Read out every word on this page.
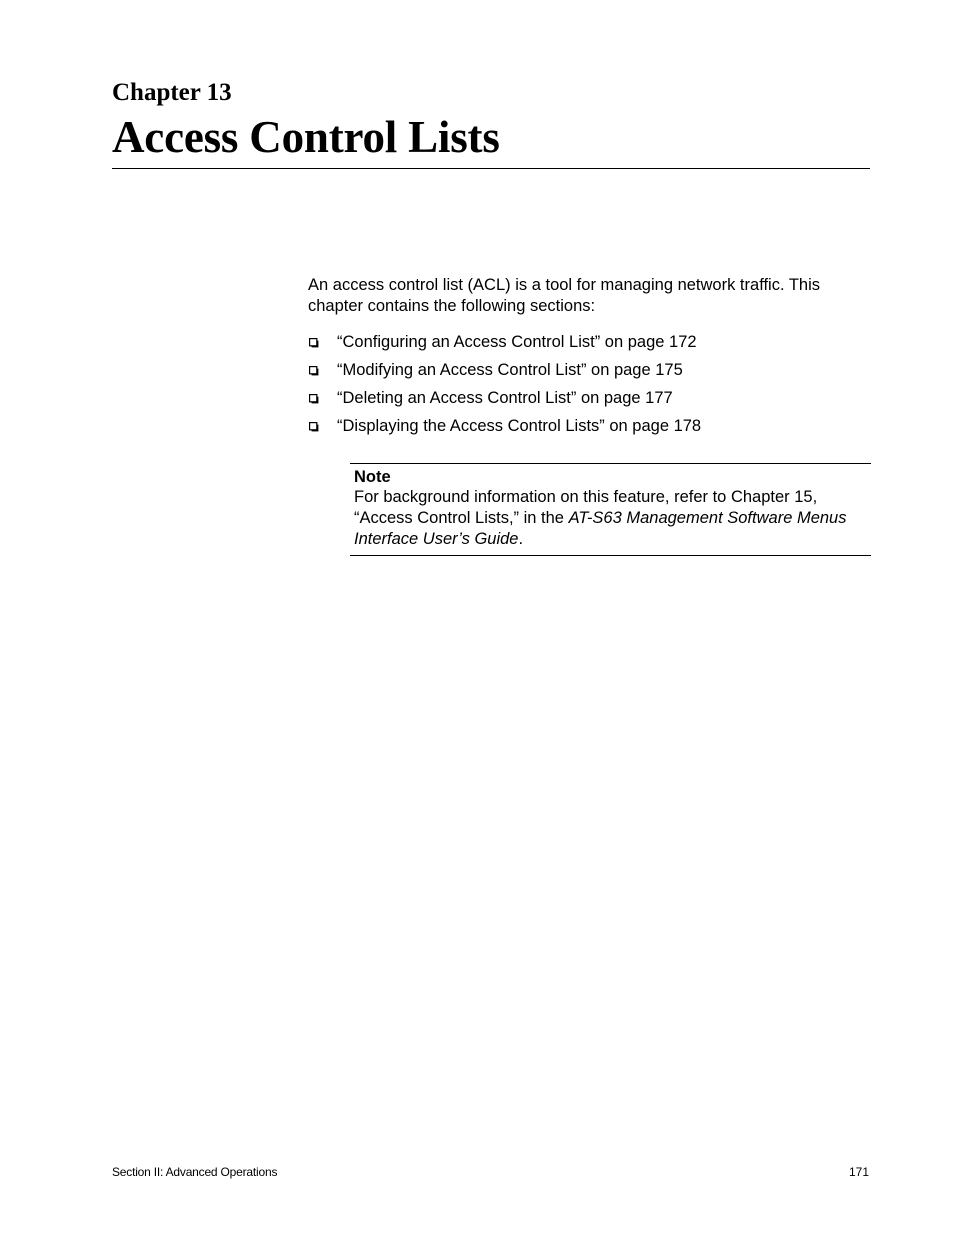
Chapter 13
Access Control Lists

An access control list (ACL) is a tool for managing network traffic. This chapter contains the following sections:

“Configuring an Access Control List” on page 172
“Modifying an Access Control List” on page 175
“Deleting an Access Control List” on page 177
“Displaying the Access Control Lists” on page 178
Note

For background information on this feature, refer to Chapter 15, “Access Control Lists,” in the AT-S63 Management Software Menus Interface User’s Guide.

Section II: Advanced Operations	171
